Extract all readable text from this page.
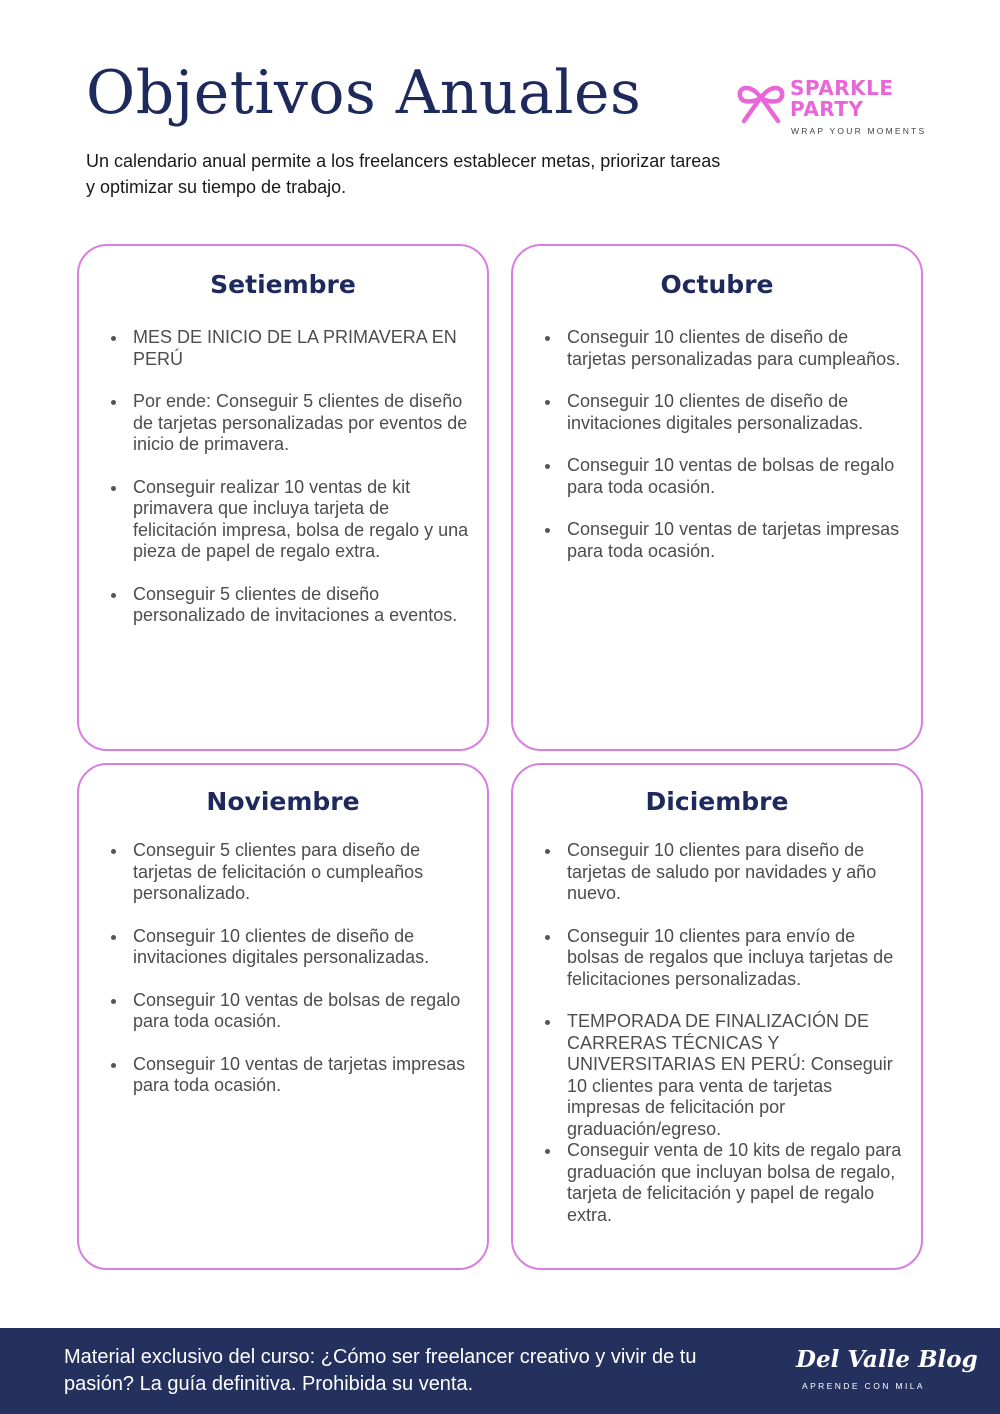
Objetivos Anuales

Un calendario anual permite a los freelancers establecer metas, priorizar tareas y optimizar su tiempo de trabajo.

SPARKLE
PARTY
WRAP YOUR MOMENTS
Setiembre
MES DE INICIO DE LA PRIMAVERA EN PERÚ
Por ende: Conseguir 5 clientes de diseño de tarjetas personalizadas por eventos de inicio de primavera.
Conseguir realizar 10 ventas de kit primavera que incluya tarjeta de felicitación impresa, bolsa de regalo y una pieza de papel de regalo extra.
Conseguir 5 clientes de diseño personalizado de invitaciones a eventos.
Octubre
Conseguir 10 clientes de diseño de tarjetas personalizadas para cumpleaños.
Conseguir 10 clientes de diseño de invitaciones digitales personalizadas.
Conseguir 10 ventas de bolsas de regalo para toda ocasión.
Conseguir 10 ventas de tarjetas impresas para toda ocasión.
Noviembre
Conseguir 5 clientes para diseño de tarjetas de felicitación o cumpleaños personalizado.
Conseguir 10 clientes de diseño de invitaciones digitales personalizadas.
Conseguir 10 ventas de bolsas de regalo para toda ocasión.
Conseguir 10 ventas de tarjetas impresas para toda ocasión.
Diciembre
Conseguir 10 clientes para diseño de tarjetas de saludo por navidades y año nuevo.
Conseguir 10 clientes para envío de bolsas de regalos que incluya tarjetas de felicitaciones personalizadas.
TEMPORADA DE FINALIZACIÓN DE CARRERAS TÉCNICAS Y UNIVERSITARIAS EN PERÚ: Conseguir 10 clientes para venta de tarjetas impresas de felicitación por graduación/egreso.
Conseguir venta de 10 kits de regalo para graduación que incluyan bolsa de regalo, tarjeta de felicitación y papel de regalo extra.

Material exclusivo del curso: ¿Cómo ser freelancer creativo y vivir de tu pasión? La guía definitiva. Prohibida su venta.

Del Valle Blog
APRENDE CON MILA
